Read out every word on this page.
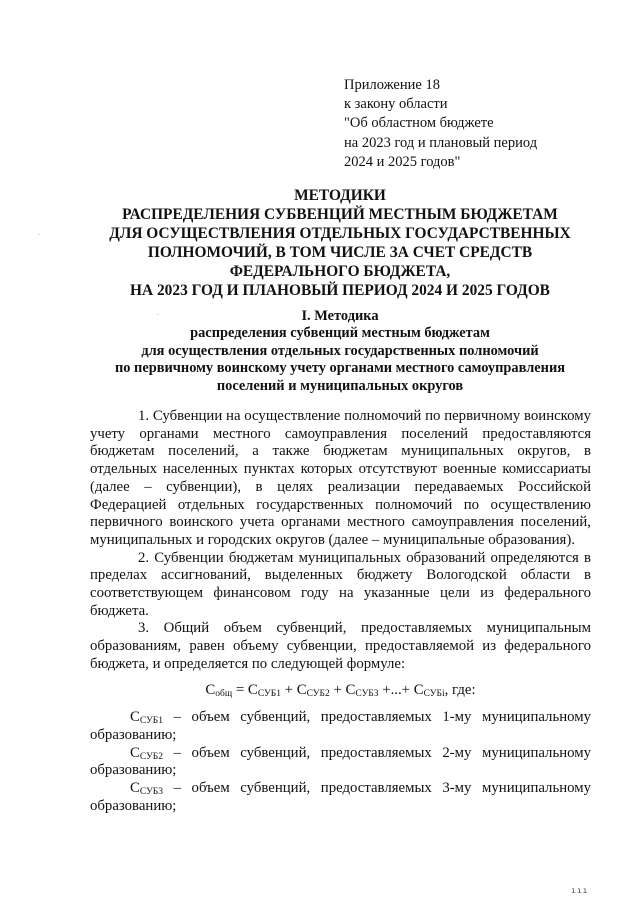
Приложение 18
к закону области
"Об областном бюджете
на 2023 год и плановый период
2024 и 2025 годов"
МЕТОДИКИ
РАСПРЕДЕЛЕНИЯ СУБВЕНЦИЙ МЕСТНЫМ БЮДЖЕТАМ
ДЛЯ ОСУЩЕСТВЛЕНИЯ ОТДЕЛЬНЫХ ГОСУДАРСТВЕННЫХ
ПОЛНОМОЧИЙ, В ТОМ ЧИСЛЕ ЗА СЧЕТ СРЕДСТВ
ФЕДЕРАЛЬНОГО БЮДЖЕТА,
НА 2023 ГОД И ПЛАНОВЫЙ ПЕРИОД 2024 И 2025 ГОДОВ
I. Методика
распределения субвенций местным бюджетам
для осуществления отдельных государственных полномочий
по первичному воинскому учету органами местного самоуправления
поселений и муниципальных округов

1. Субвенции на осуществление полномочий по первичному воинскому учету органами местного самоуправления поселений предоставляются бюджетам поселений, а также бюджетам муниципальных округов, в отдельных населенных пунктах которых отсутствуют военные комиссариаты (далее – субвенции), в целях реализации передаваемых Российской Федерацией отдельных государственных полномочий по осуществлению первичного воинского учета органами местного самоуправления поселений, муниципальных и городских округов (далее – муниципальные образования).

2. Субвенции бюджетам муниципальных образований определяются в пределах ассигнований, выделенных бюджету Вологодской области в соответствующем финансовом году на указанные цели из федерального бюджета.

3. Общий объем субвенций, предоставляемых муниципальным образованиям, равен объему субвенции, предоставляемой из федерального бюджета, и определяется по следующей формуле:

$С_{общ} = С_{СУБ1} + С_{СУБ2} + С_{СУБ3}$ +...+ $С_{СУБi}$, где:

$С_{СУБ1}$ – объем субвенций, предоставляемых 1-му муниципальному образованию;

$С_{СУБ2}$ – объем субвенций, предоставляемых 2-му муниципальному образованию;

$С_{СУБ3}$ – объем субвенций, предоставляемых 3-му муниципальному образованию;

·
·
ııı
